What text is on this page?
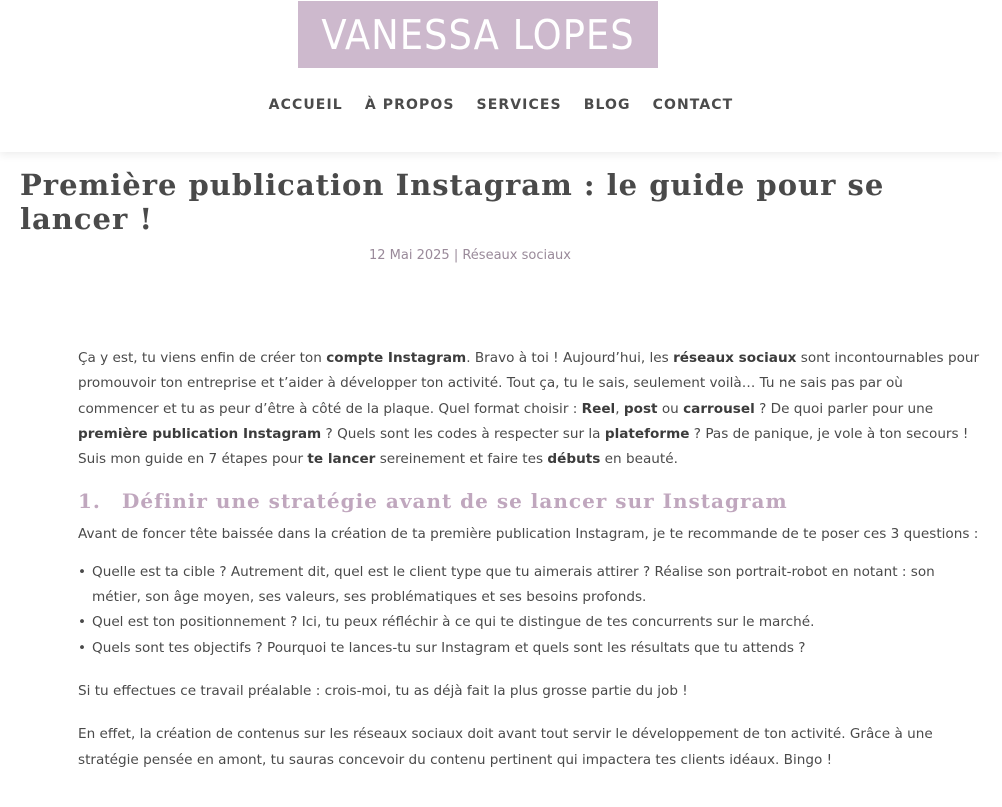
VANESSA LOPES
ACCUEIL	À PROPOS	SERVICES	BLOG	CONTACT
Première publication Instagram : le guide pour se lancer !
12 Mai 2025 | Réseaux sociaux

Ça y est, tu viens enfin de créer ton compte Instagram. Bravo à toi ! Aujourd’hui, les réseaux sociaux sont incontournables pour promouvoir ton entreprise et t’aider à développer ton activité. Tout ça, tu le sais, seulement voilà… Tu ne sais pas par où commencer et tu as peur d’être à côté de la plaque. Quel format choisir : Reel, post ou carrousel ? De quoi parler pour une première publication Instagram ? Quels sont les codes à respecter sur la plateforme ? Pas de panique, je vole à ton secours ! Suis mon guide en 7 étapes pour te lancer sereinement et faire tes débuts en beauté.

1. Définir une stratégie avant de se lancer sur Instagram

Avant de foncer tête baissée dans la création de ta première publication Instagram, je te recommande de te poser ces 3 questions :

• Quelle est ta cible ? Autrement dit, quel est le client type que tu aimerais attirer ? Réalise son portrait-robot en notant : son métier, son âge moyen, ses valeurs, ses problématiques et ses besoins profonds.
• Quel est ton positionnement ? Ici, tu peux réfléchir à ce qui te distingue de tes concurrents sur le marché.
• Quels sont tes objectifs ? Pourquoi te lances-tu sur Instagram et quels sont les résultats que tu attends ?

Si tu effectues ce travail préalable : crois-moi, tu as déjà fait la plus grosse partie du job !

En effet, la création de contenus sur les réseaux sociaux doit avant tout servir le développement de ton activité. Grâce à une stratégie pensée en amont, tu sauras concevoir du contenu pertinent qui impactera tes clients idéaux. Bingo !
